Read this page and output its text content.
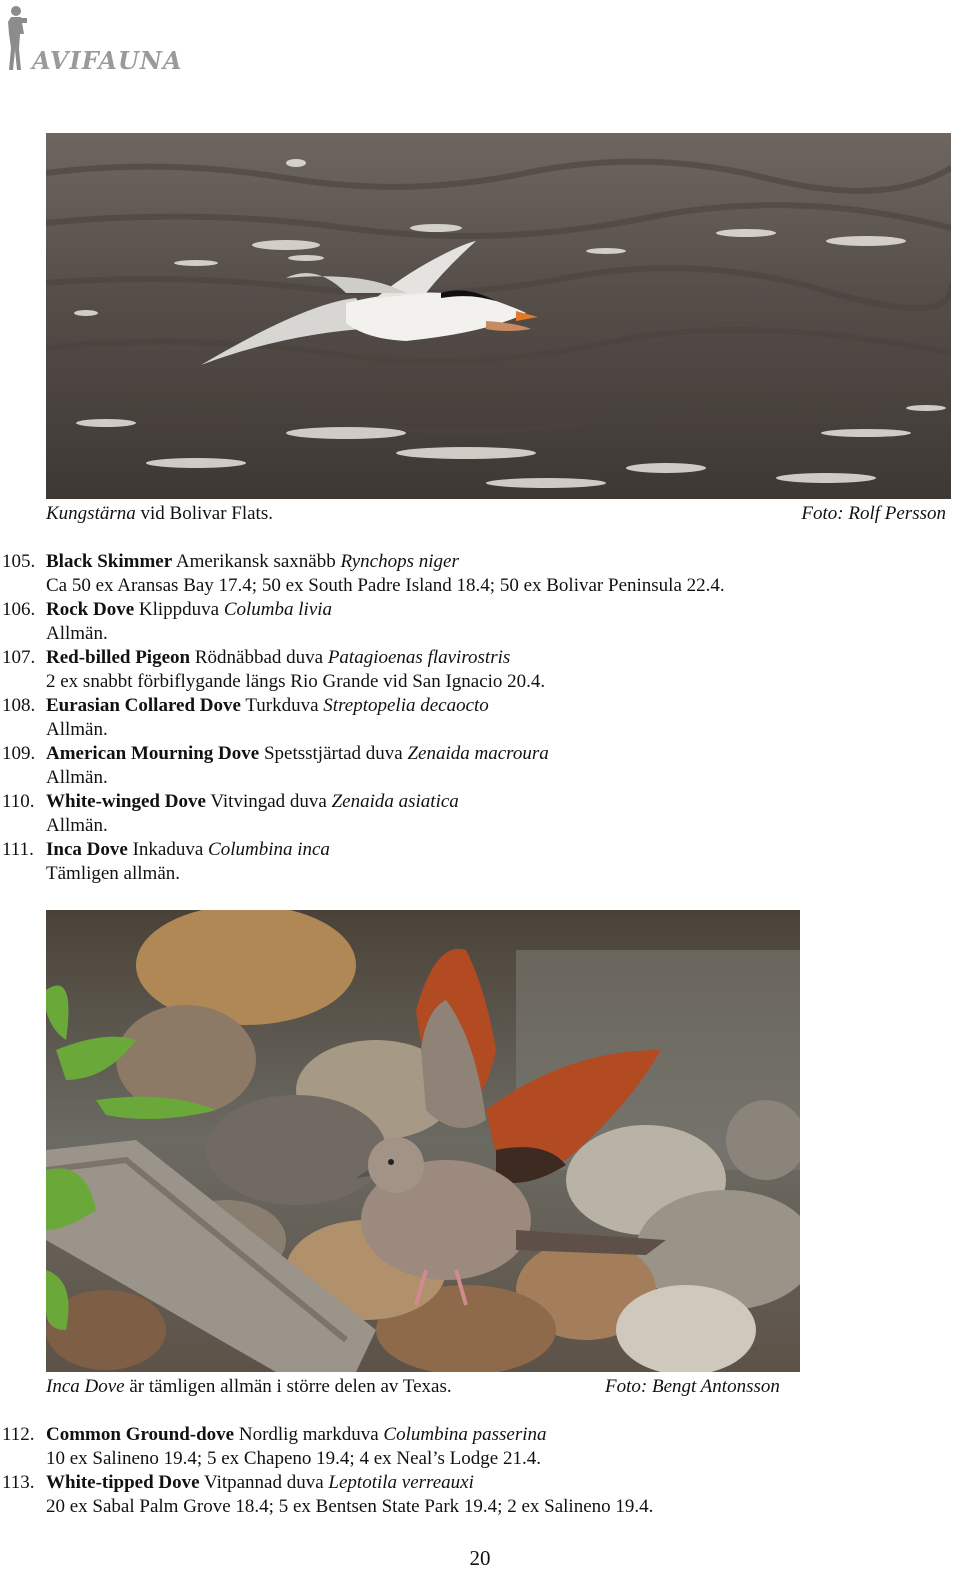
AVIFAUNA
Kungstärna vid Bolivar Flats.	Foto: Rolf Persson
105. Black Skimmer Amerikansk saxnäbb Rynchops niger
Ca 50 ex Aransas Bay 17.4; 50 ex South Padre Island 18.4; 50 ex Bolivar Peninsula 22.4.
106. Rock Dove Klippduva Columba livia
Allmän.
107. Red-billed Pigeon Rödnäbbad duva Patagioenas flavirostris
2 ex snabbt förbiflygande längs Rio Grande vid San Ignacio 20.4.
108. Eurasian Collared Dove Turkduva Streptopelia decaocto
Allmän.
109. American Mourning Dove Spetsstjärtad duva Zenaida macroura
Allmän.
110. White-winged Dove Vitvingad duva Zenaida asiatica
Allmän.
111. Inca Dove Inkaduva Columbina inca
Tämligen allmän.
Inca Dove är tämligen allmän i större delen av Texas.	Foto: Bengt Antonsson
112. Common Ground-dove Nordlig markduva Columbina passerina
10 ex Salineno 19.4; 5 ex Chapeno 19.4; 4 ex Neal’s Lodge 21.4.
113. White-tipped Dove Vitpannad duva Leptotila verreauxi
20 ex Sabal Palm Grove 18.4; 5 ex Bentsen State Park 19.4; 2 ex Salineno 19.4.
20
